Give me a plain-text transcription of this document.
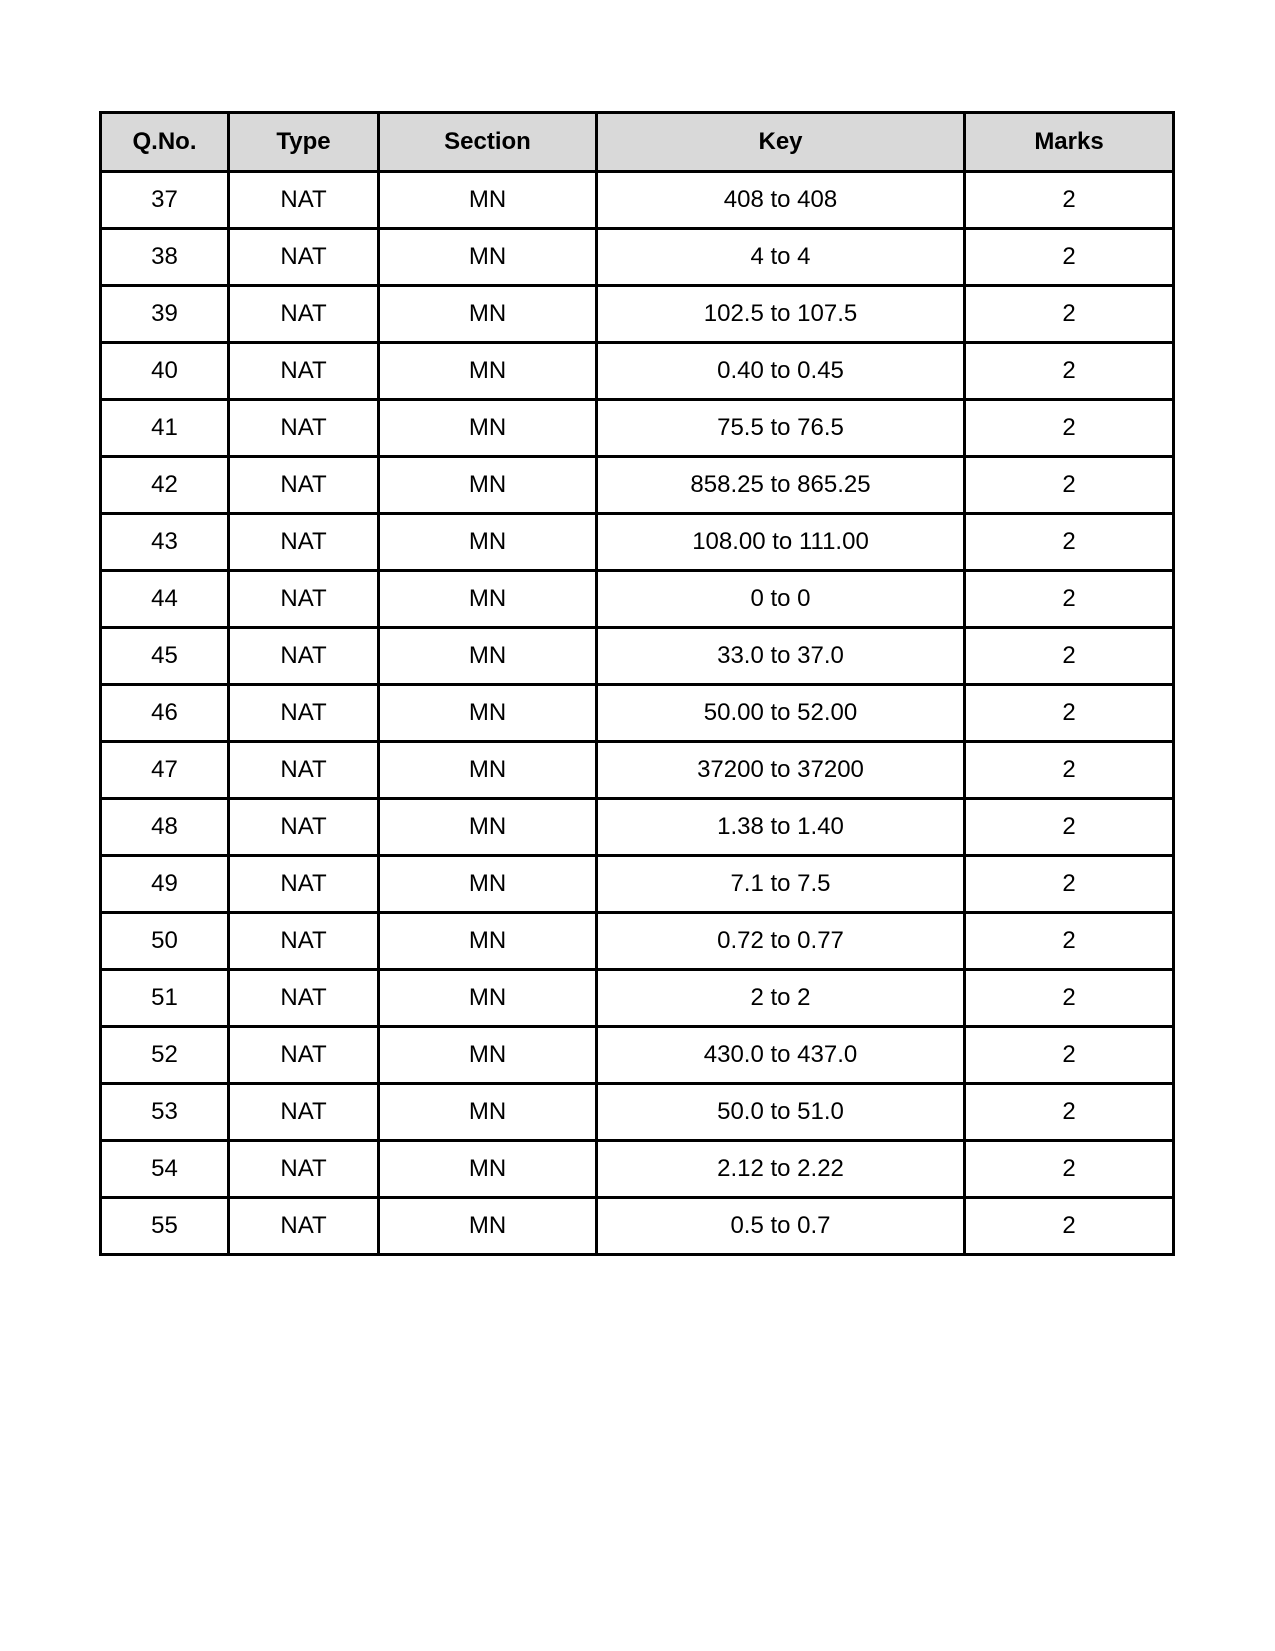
Q.No.	Type	Section	Key	Marks
37	NAT	MN	408 to 408	2
38	NAT	MN	4 to 4	2
39	NAT	MN	102.5 to 107.5	2
40	NAT	MN	0.40 to 0.45	2
41	NAT	MN	75.5 to 76.5	2
42	NAT	MN	858.25 to 865.25	2
43	NAT	MN	108.00 to 111.00	2
44	NAT	MN	0 to 0	2
45	NAT	MN	33.0 to 37.0	2
46	NAT	MN	50.00 to 52.00	2
47	NAT	MN	37200 to 37200	2
48	NAT	MN	1.38 to 1.40	2
49	NAT	MN	7.1 to 7.5	2
50	NAT	MN	0.72 to 0.77	2
51	NAT	MN	2 to 2	2
52	NAT	MN	430.0 to 437.0	2
53	NAT	MN	50.0 to 51.0	2
54	NAT	MN	2.12 to 2.22	2
55	NAT	MN	0.5 to 0.7	2
